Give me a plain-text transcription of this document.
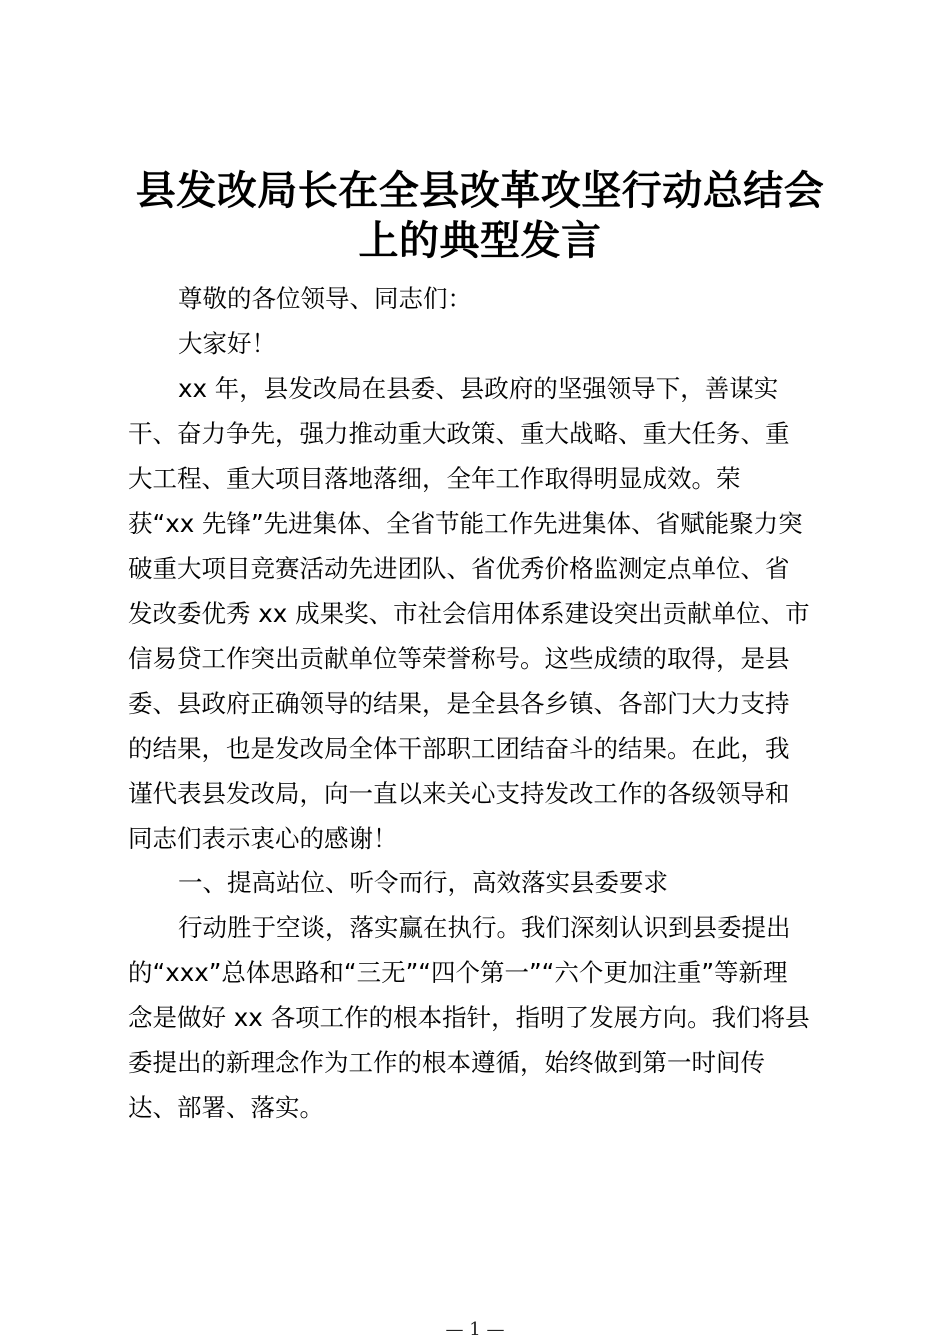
县发改局长在全县改革攻坚行动总结会
上的典型发言
尊敬的各位领导、同志们：
大家好！
xx 年，县发改局在县委、县政府的坚强领导下，善谋实
干、奋力争先，强力推动重大政策、重大战略、重大任务、重
大工程、重大项目落地落细，全年工作取得明显成效。荣
获“xx 先锋”先进集体、全省节能工作先进集体、省赋能聚力突
破重大项目竞赛活动先进团队、省优秀价格监测定点单位、省
发改委优秀 xx 成果奖、市社会信用体系建设突出贡献单位、市
信易贷工作突出贡献单位等荣誉称号。这些成绩的取得，是县
委、县政府正确领导的结果，是全县各乡镇、各部门大力支持
的结果，也是发改局全体干部职工团结奋斗的结果。在此，我
谨代表县发改局，向一直以来关心支持发改工作的各级领导和
同志们表示衷心的感谢！
一、提高站位、听令而行，高效落实县委要求
行动胜于空谈，落实赢在执行。我们深刻认识到县委提出
的“xxx”总体思路和“三无”“四个第一”“六个更加注重”等新理
念是做好 xx 各项工作的根本指针，指明了发展方向。我们将县
委提出的新理念作为工作的根本遵循，始终做到第一时间传
达、部署、落实。
— 1 —
